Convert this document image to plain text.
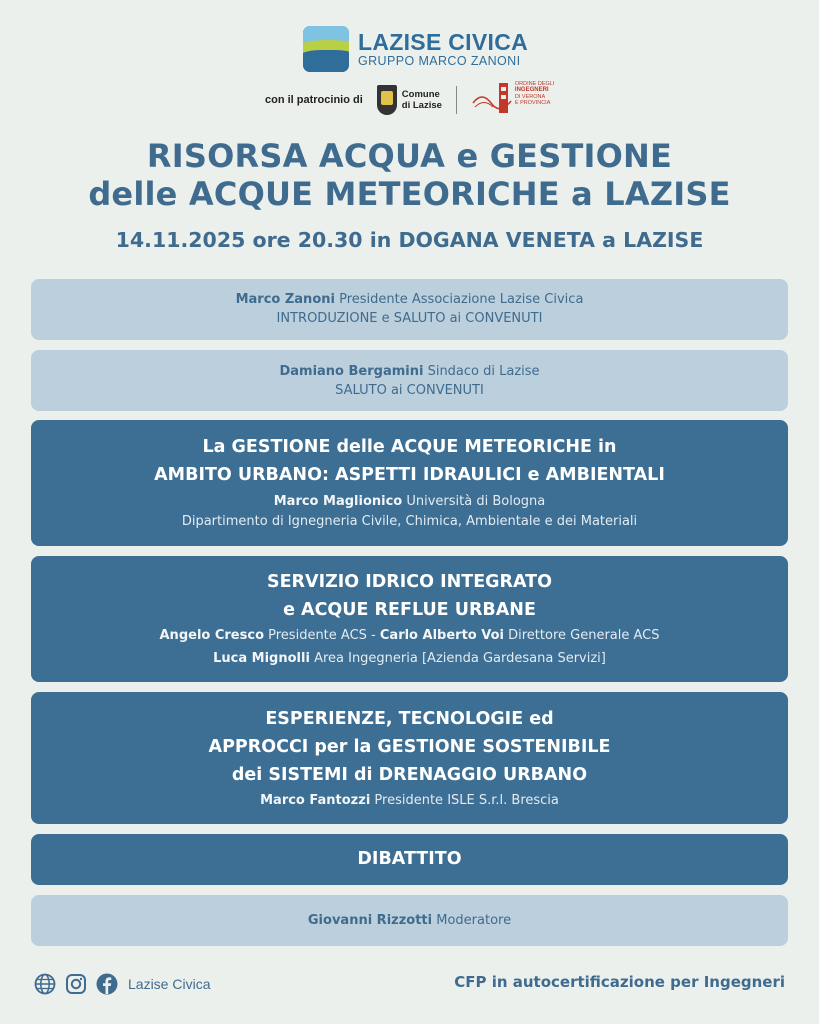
LAZISE CIVICA
GRUPPO MARCO ZANONI
con il patrocinio di	Comune
di Lazise
ORDINE DEGLI
INGEGNERI
DI VERONA
E PROVINCIA
RISORSA ACQUA e GESTIONE
delle ACQUE METEORICHE a LAZISE
14.11.2025 ore 20.30 in DOGANA VENETA a LAZISE
Marco Zanoni Presidente Associazione Lazise Civica
INTRODUZIONE e SALUTO ai CONVENUTI
Damiano Bergamini Sindaco di Lazise
SALUTO ai CONVENUTI
La GESTIONE delle ACQUE METEORICHE in
AMBITO URBANO: ASPETTI IDRAULICI e AMBIENTALI
Marco Maglionico Università di Bologna
Dipartimento di Ignegneria Civile, Chimica, Ambientale e dei Materiali
SERVIZIO IDRICO INTEGRATO
e ACQUE REFLUE URBANE
Angelo Cresco Presidente ACS - Carlo Alberto Voi Direttore Generale ACS
Luca Mignolli Area Ingegneria [Azienda Gardesana Servizi]
ESPERIENZE, TECNOLOGIE ed
APPROCCI per la GESTIONE SOSTENIBILE
dei SISTEMI di DRENAGGIO URBANO
Marco Fantozzi Presidente ISLE S.r.l. Brescia
DIBATTITO
Giovanni Rizzotti Moderatore
Lazise Civica	CFP in autocertificazione per Ingegneri
